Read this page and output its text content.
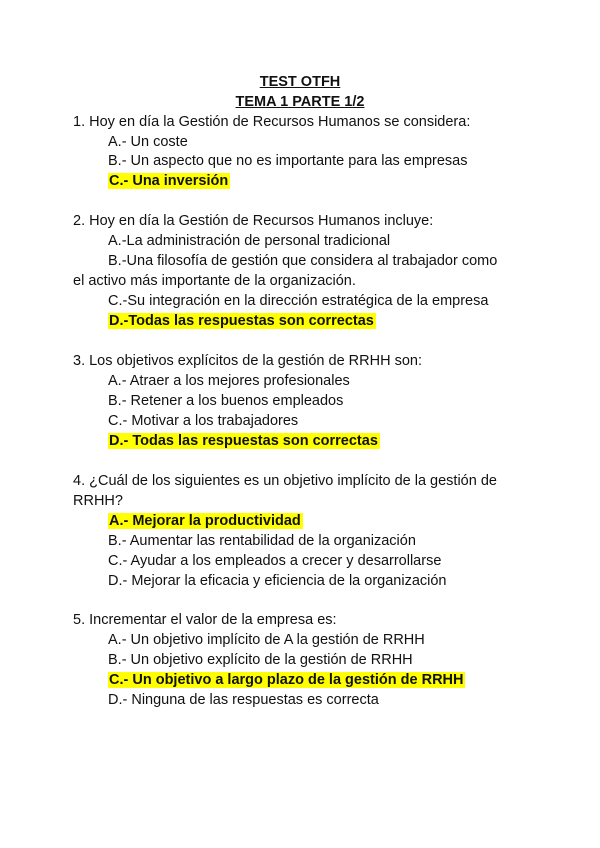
TEST OTFH
TEMA 1 PARTE 1/2
1. Hoy en día la Gestión de Recursos Humanos se considera:
A.- Un coste
B.- Un aspecto que no es importante para las empresas
C.- Una inversión
2. Hoy en día la Gestión de Recursos Humanos incluye:
A.-La administración de personal tradicional
B.-Una filosofía de gestión que considera al trabajador como
el activo más importante de la organización.
C.-Su integración en la dirección estratégica de la empresa
D.-Todas las respuestas son correctas
3. Los objetivos explícitos de la gestión de RRHH son:
A.- Atraer a los mejores profesionales
B.- Retener a los buenos empleados
C.- Motivar a los trabajadores
D.- Todas las respuestas son correctas
4. ¿Cuál de los siguientes es un objetivo implícito de la gestión de
RRHH?
A.- Mejorar la productividad
B.- Aumentar las rentabilidad de la organización
C.- Ayudar a los empleados a crecer y desarrollarse
D.- Mejorar la eficacia y eficiencia de la organización
5. Incrementar el valor de la empresa es:
A.- Un objetivo implícito de A la gestión de RRHH
B.- Un objetivo explícito de la gestión de RRHH
C.- Un objetivo a largo plazo de la gestión de RRHH
D.- Ninguna de las respuestas es correcta
